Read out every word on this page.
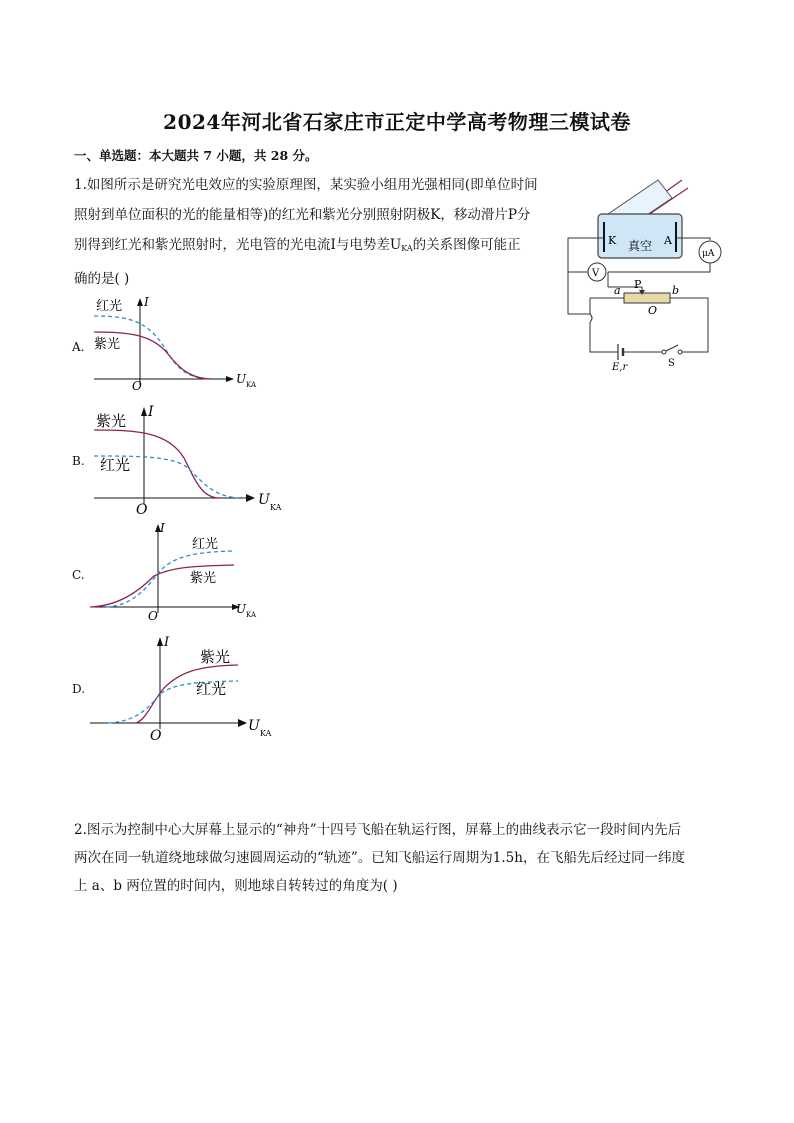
2024年河北省石家庄市正定中学高考物理三模试卷
一、单选题：本大题共 7 小题，共 28 分。
1.如图所示是研究光电效应的实验原理图，某实验小组用光强相同(即单位时间
照射到单位面积的光的能量相等)的红光和紫光分别照射阴极K，移动滑片P分
别得到红光和紫光照射时，光电管的光电流I与电势差$U_{KA}$的关系图像可能正
确的是( )
K	A
真空
μA
V
P
a	b
O
E,r	S
A.
红光
紫光
I
O	U KA
B.
紫光
红光
I
O
U KA
C.
红光
紫光
I
O	U KA
D.
紫光
红光
I
O
U KA
2.图示为控制中心大屏幕上显示的“神舟”十四号飞船在轨运行图，屏幕上的曲线表示它一段时间内先后
两次在同一轨道绕地球做匀速圆周运动的“轨迹”。已知飞船运行周期为1.5h，在飞船先后经过同一纬度
上 a、b 两位置的时间内，则地球自转转过的角度为( )
